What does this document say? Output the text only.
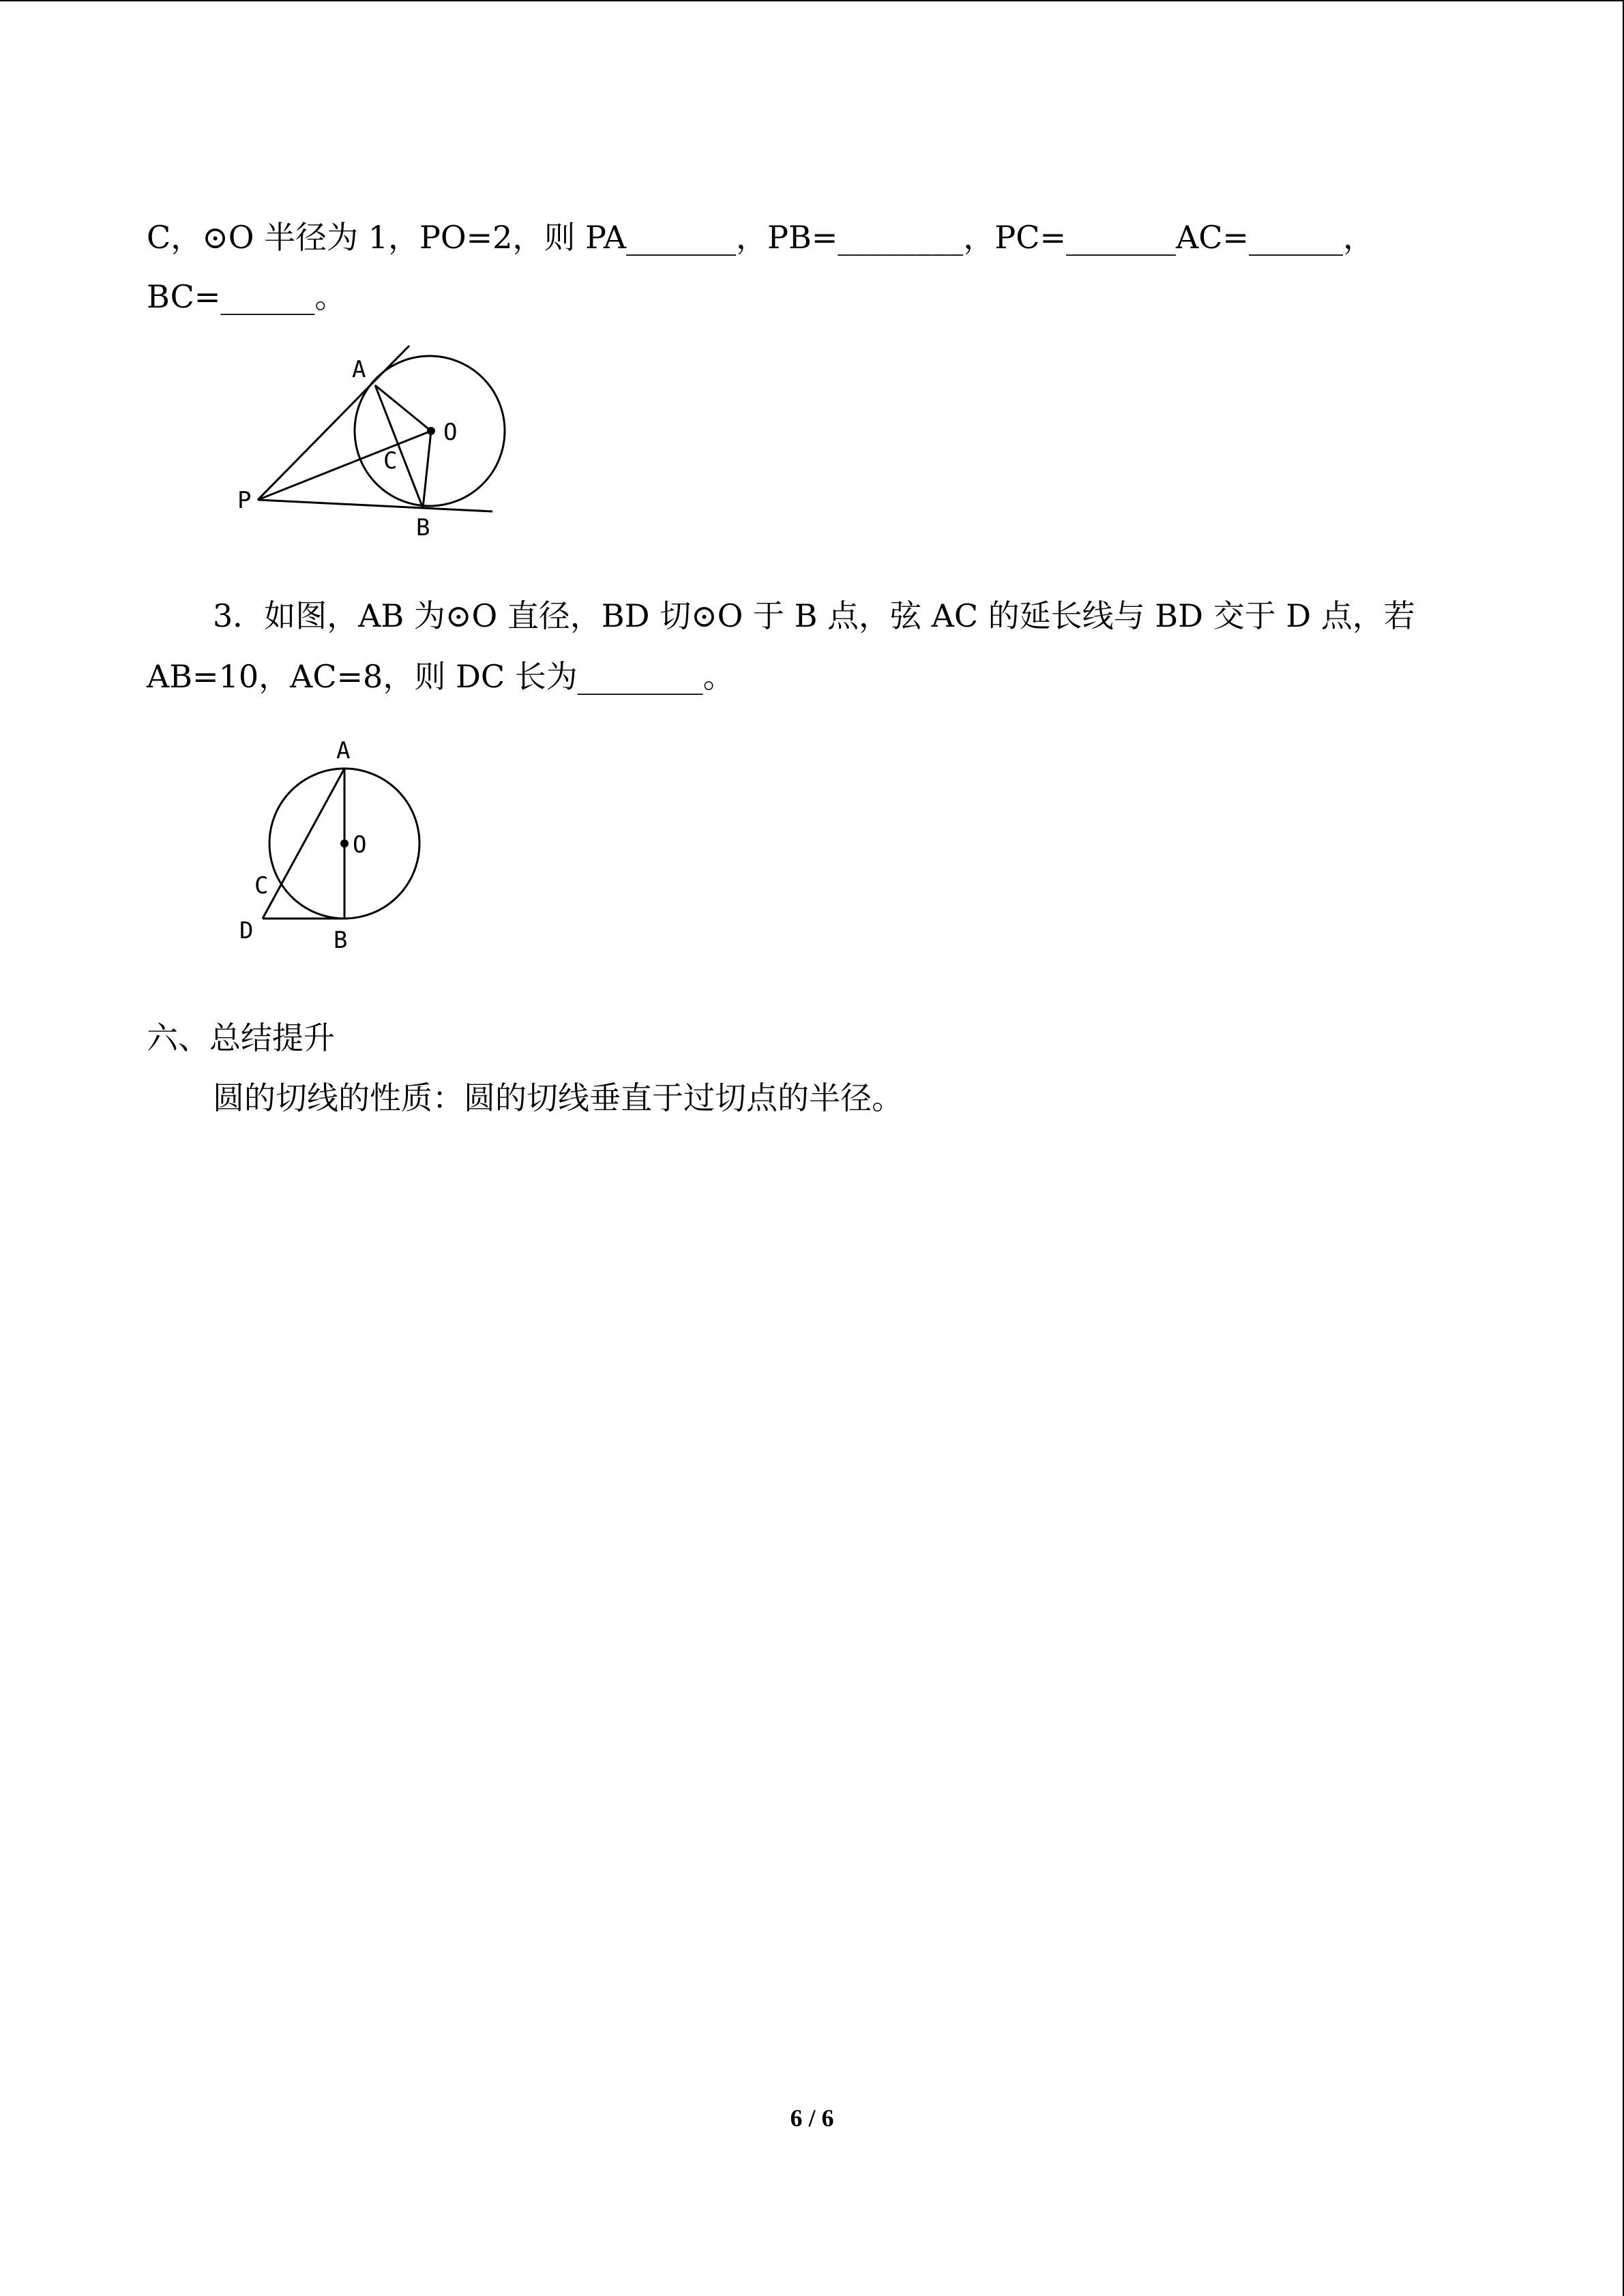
C，⊙O 半径为 1，PO=2，则 PA_______，PB=________，PC=_______AC=______，
BC=______。
A
O
C
P
B
3．如图，AB 为⊙O 直径，BD 切⊙O 于 B 点，弦 AC 的延长线与 BD 交于 D 点，若
AB=10，AC=8，则 DC 长为________。
A
O
C
D	B
六、总结提升
圆的切线的性质：圆的切线垂直于过切点的半径。
6 / 6
